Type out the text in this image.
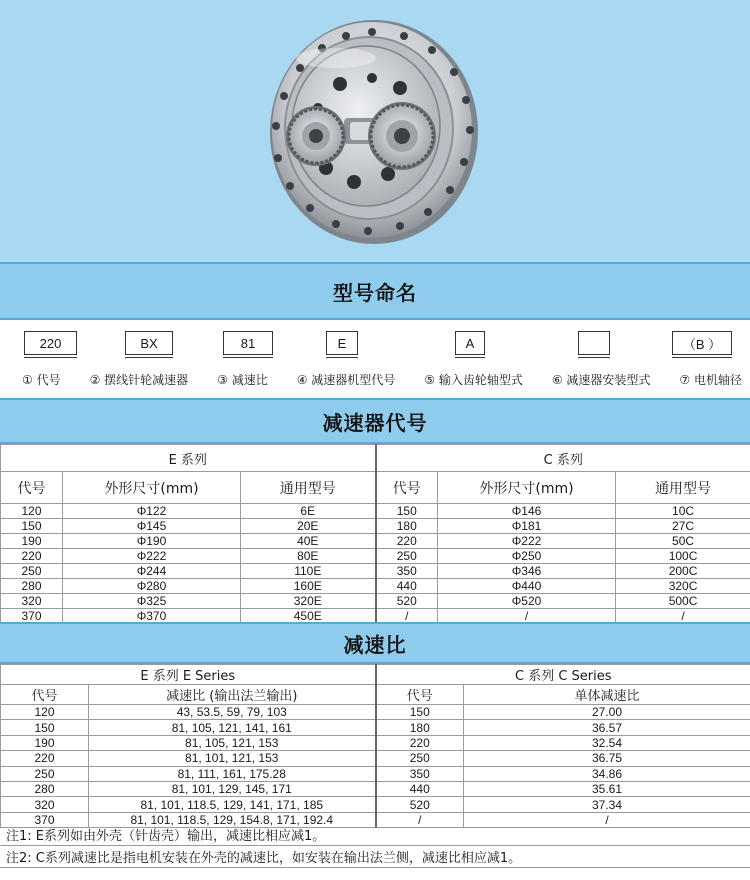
型号命名
220	BX	81	E	A	（B ）
① 代号 ② 摆线针轮减速器 ③ 减速比 ④ 减速器机型代号 ⑤ 输入齿轮轴型式 ⑥ 减速器安装型式 ⑦ 电机轴径
减速器代号
E 系列			C 系列		
代号	外形尺寸(mm)	通用型号	代号	外形尺寸(mm)	通用型号
120	Φ122	6E	150	Φ146	10C
150	Φ145	20E	180	Φ181	27C
190	Φ190	40E	220	Φ222	50C
220	Φ222	80E	250	Φ250	100C
250	Φ244	110E	350	Φ346	200C
280	Φ280	160E	440	Φ440	320C
320	Φ325	320E	520	Φ520	500C
370	Φ370	450E	/	/	/
减速比
E 系列 E Series		C 系列 C Series	
代号	减速比 (输出法兰输出)	代号	单体减速比
120	43, 53.5, 59, 79, 103	150	27.00
150	81, 105, 121, 141, 161	180	36.57
190	81, 105, 121, 153	220	32.54
220	81, 101, 121, 153	250	36.75
250	81, 111, 161, 175.28	350	34.86
280	81, 101, 129, 145, 171	440	35.61
320	81, 101, 118.5, 129, 141, 171, 185	520	37.34
370	81, 101, 118.5, 129, 154.8, 171, 192.4	/	/
注1: E系列如由外壳（针齿壳）输出，减速比相应减1。
注2: C系列减速比是指电机安装在外壳的减速比，如安装在输出法兰侧，减速比相应减1。
